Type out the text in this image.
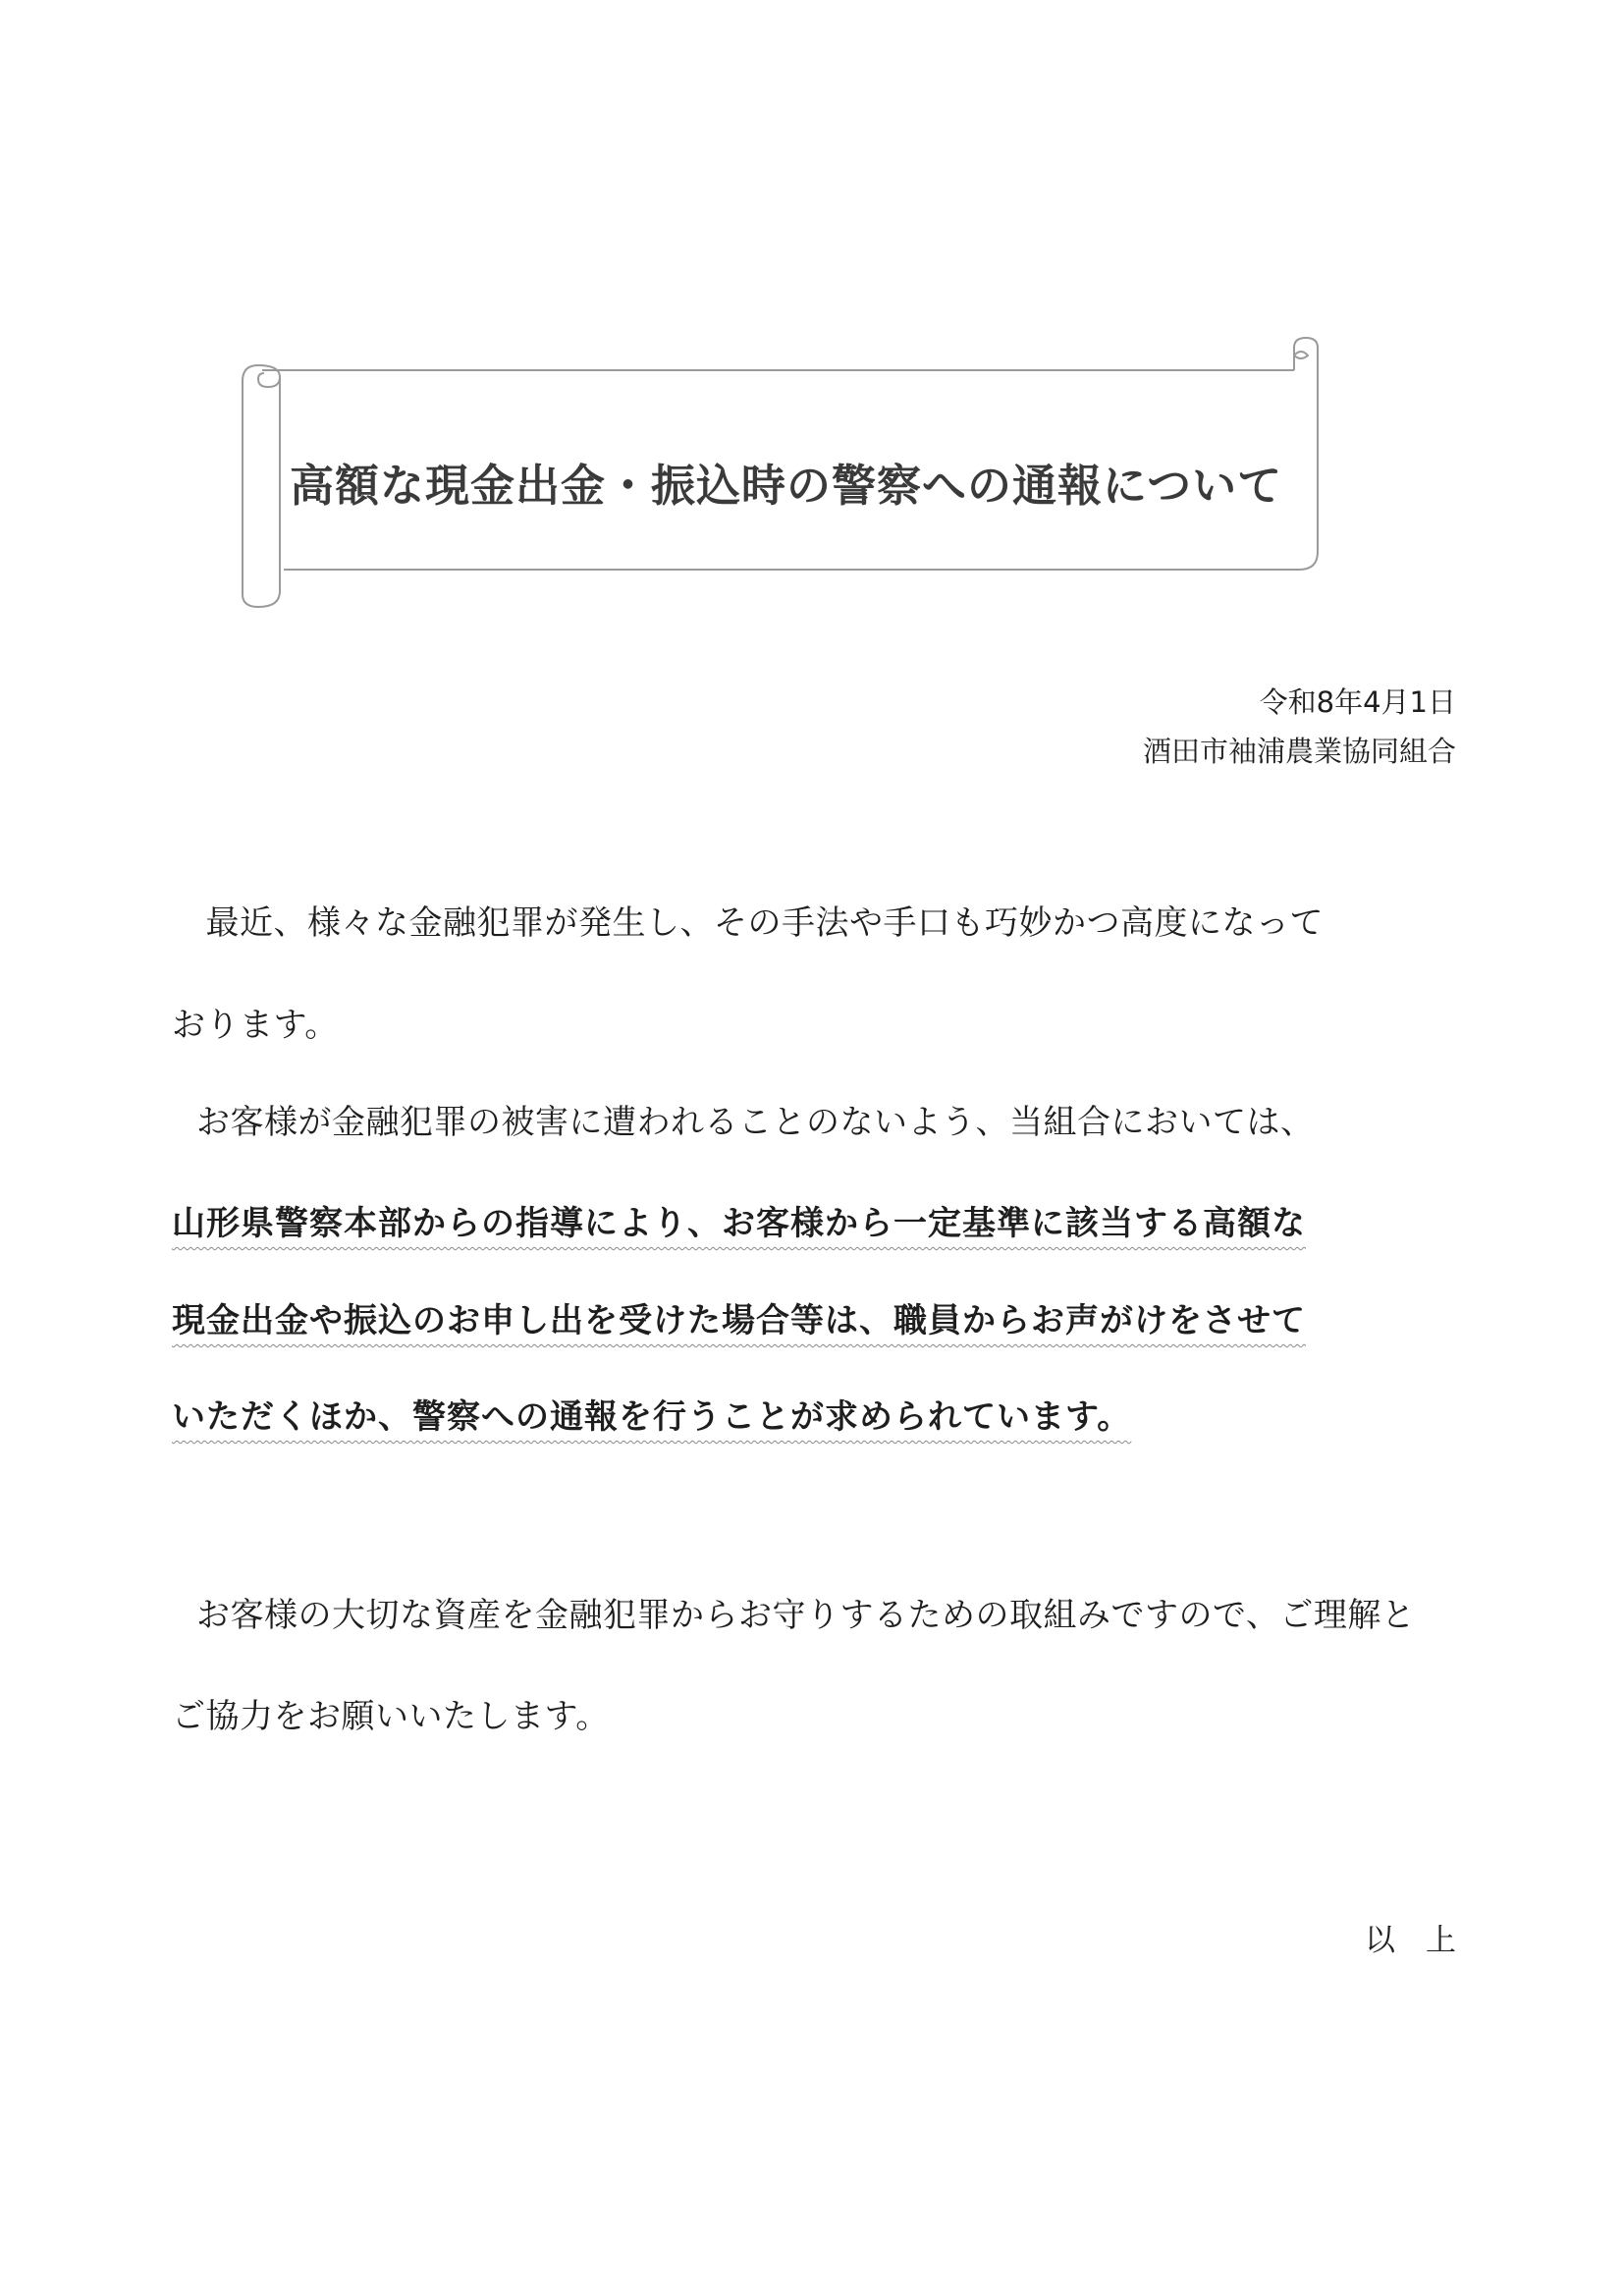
高額な現金出金・振込時の警察への通報について
令和8年4月1日
酒田市袖浦農業協同組合
　最近、様々な金融犯罪が発生し、その手法や手口も巧妙かつ高度になって
おります。
お客様が金融犯罪の被害に遭われることのないよう、当組合においては、
山形県警察本部からの指導により、お客様から一定基準に該当する高額な
現金出金や振込のお申し出を受けた場合等は、職員からお声がけをさせて
いただくほか、警察への通報を行うことが求められています。
お客様の大切な資産を金融犯罪からお守りするための取組みですので、ご理解と
ご協力をお願いいたします。
以　上
